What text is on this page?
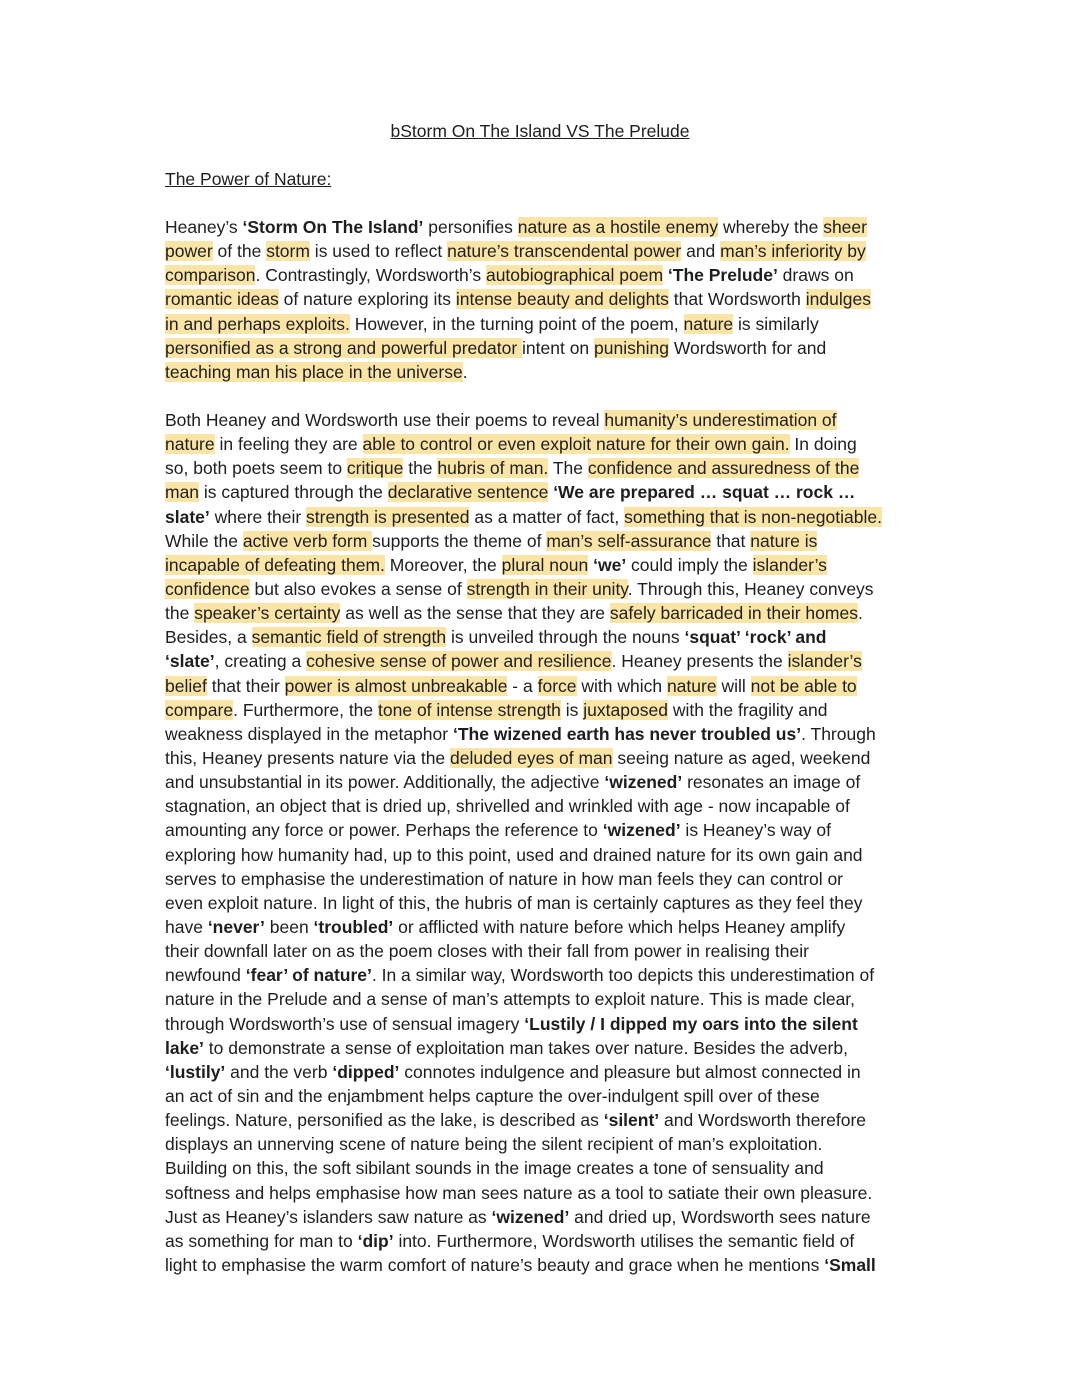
bStorm On The Island VS The Prelude
The Power of Nature:
Heaney’s ‘Storm On The Island’ personifies nature as a hostile enemy whereby the sheer
power of the storm is used to reflect nature’s transcendental power and man’s inferiority by
comparison. Contrastingly, Wordsworth’s autobiographical poem ‘The Prelude’ draws on
romantic ideas of nature exploring its intense beauty and delights that Wordsworth indulges
in and perhaps exploits. However, in the turning point of the poem, nature is similarly
personified as a strong and powerful predator intent on punishing Wordsworth for and
teaching man his place in the universe.
Both Heaney and Wordsworth use their poems to reveal humanity’s underestimation of
nature in feeling they are able to control or even exploit nature for their own gain. In doing
so, both poets seem to critique the hubris of man. The confidence and assuredness of the
man is captured through the declarative sentence ‘We are prepared … squat … rock …
slate’ where their strength is presented as a matter of fact, something that is non-negotiable.
While the active verb form supports the theme of man’s self-assurance that nature is
incapable of defeating them. Moreover, the plural noun ‘we’ could imply the islander’s
confidence but also evokes a sense of strength in their unity. Through this, Heaney conveys
the speaker’s certainty as well as the sense that they are safely barricaded in their homes.
Besides, a semantic field of strength is unveiled through the nouns ‘squat’ ‘rock’ and
‘slate’, creating a cohesive sense of power and resilience. Heaney presents the islander’s
belief that their power is almost unbreakable - a force with which nature will not be able to
compare. Furthermore, the tone of intense strength is juxtaposed with the fragility and
weakness displayed in the metaphor ‘The wizened earth has never troubled us’. Through
this, Heaney presents nature via the deluded eyes of man seeing nature as aged, weekend
and unsubstantial in its power. Additionally, the adjective ‘wizened’ resonates an image of
stagnation, an object that is dried up, shrivelled and wrinkled with age - now incapable of
amounting any force or power. Perhaps the reference to ‘wizened’ is Heaney’s way of
exploring how humanity had, up to this point, used and drained nature for its own gain and
serves to emphasise the underestimation of nature in how man feels they can control or
even exploit nature. In light of this, the hubris of man is certainly captures as they feel they
have ‘never’ been ‘troubled’ or afflicted with nature before which helps Heaney amplify
their downfall later on as the poem closes with their fall from power in realising their
newfound ‘fear’ of nature’. In a similar way, Wordsworth too depicts this underestimation of
nature in the Prelude and a sense of man’s attempts to exploit nature. This is made clear,
through Wordsworth’s use of sensual imagery ‘Lustily / I dipped my oars into the silent
lake’ to demonstrate a sense of exploitation man takes over nature. Besides the adverb,
‘lustily’ and the verb ‘dipped’ connotes indulgence and pleasure but almost connected in
an act of sin and the enjambment helps capture the over-indulgent spill over of these
feelings. Nature, personified as the lake, is described as ‘silent’ and Wordsworth therefore
displays an unnerving scene of nature being the silent recipient of man’s exploitation.
Building on this, the soft sibilant sounds in the image creates a tone of sensuality and
softness and helps emphasise how man sees nature as a tool to satiate their own pleasure.
Just as Heaney’s islanders saw nature as ‘wizened’ and dried up, Wordsworth sees nature
as something for man to ‘dip’ into. Furthermore, Wordsworth utilises the semantic field of
light to emphasise the warm comfort of nature’s beauty and grace when he mentions ‘Small
